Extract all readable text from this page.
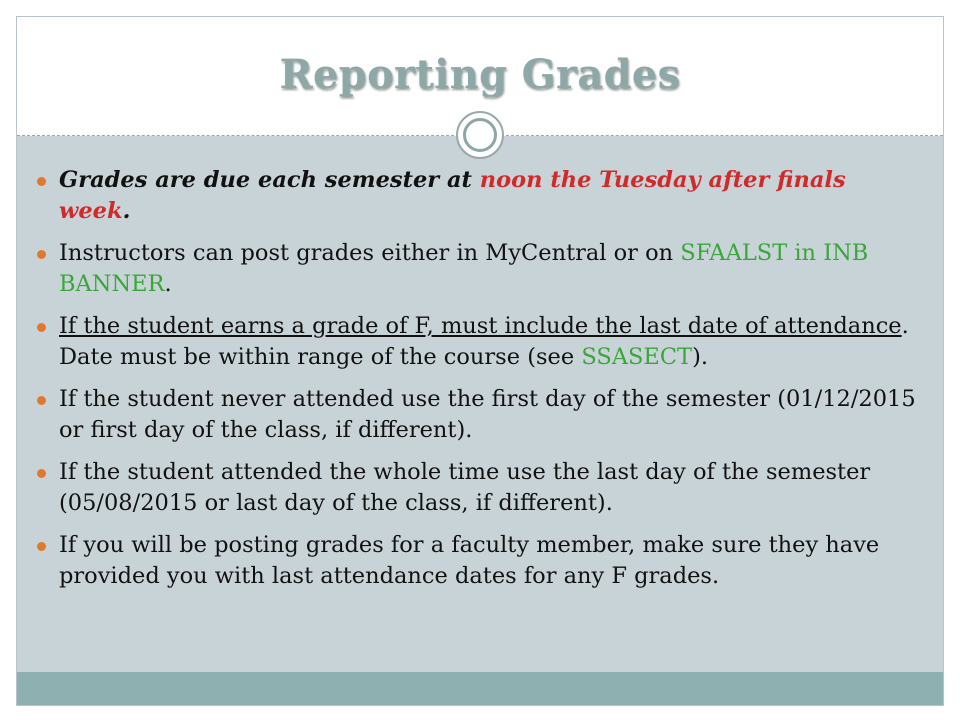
Reporting Grades
Grades are due each semester at noon the Tuesday after finals week.
Instructors can post grades either in MyCentral or on SFAALST in INB BANNER.
If the student earns a grade of F, must include the last date of attendance. Date must be within range of the course (see SSASECT).
If the student never attended use the first day of the semester (01/12/2015 or first day of the class, if different).
If the student attended the whole time use the last day of the semester (05/08/2015 or last day of the class, if different).
If you will be posting grades for a faculty member, make sure they have provided you with last attendance dates for any F grades.
